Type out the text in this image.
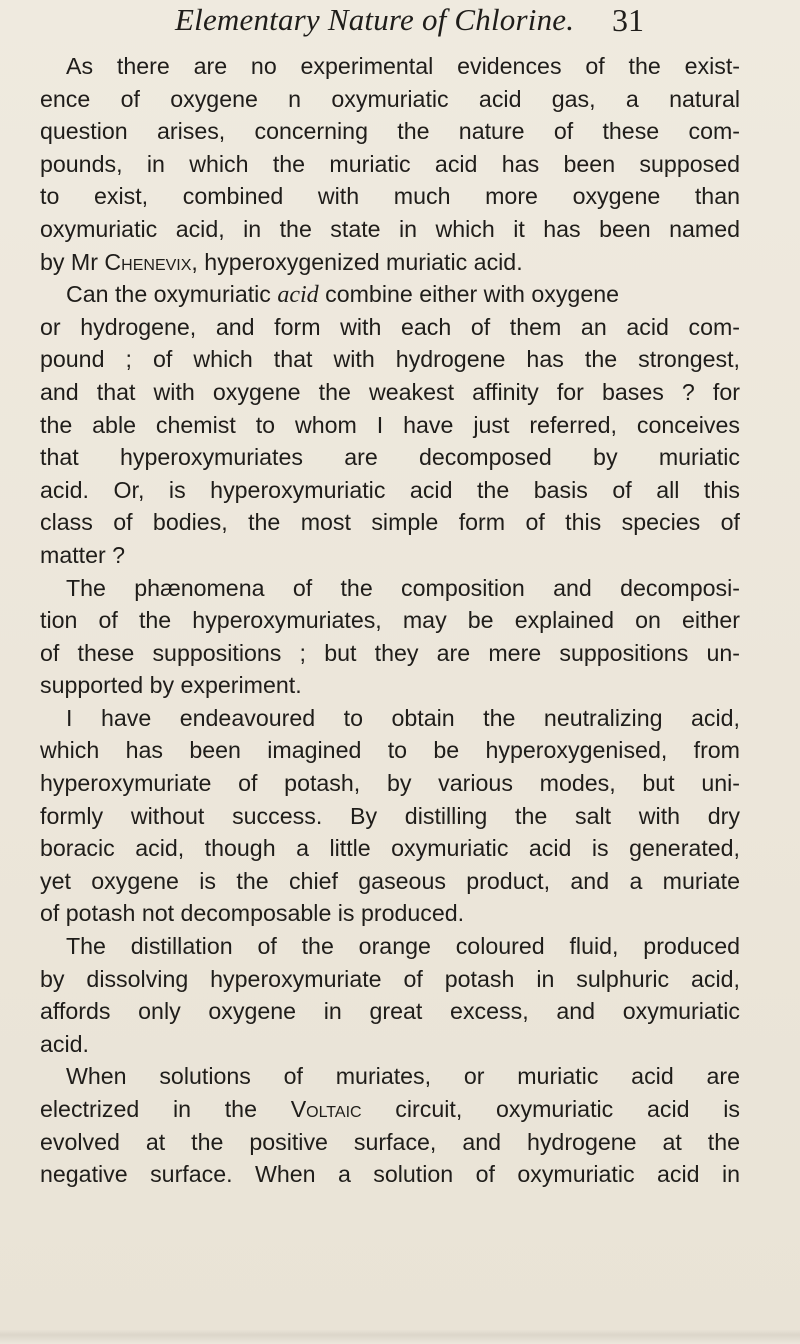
Elementary Nature of Chlorine. 31
As there are no experimental evidences of the exist-
ence of oxygene n oxymuriatic acid gas, a natural
question arises, concerning the nature of these com-
pounds, in which the muriatic acid has been supposed
to exist, combined with much more oxygene than
oxymuriatic acid, in the state in which it has been named
by Mr Chenevix, hyperoxygenized muriatic acid.
Can the oxymuriatic acid combine either with oxygene
or hydrogene, and form with each of them an acid com-
pound ; of which that with hydrogene has the strongest,
and that with oxygene the weakest affinity for bases ? for
the able chemist to whom I have just referred, conceives
that hyperoxymuriates are decomposed by muriatic
acid. Or, is hyperoxymuriatic acid the basis of all this
class of bodies, the most simple form of this species of
matter ?
The phænomena of the composition and decomposi-
tion of the hyperoxymuriates, may be explained on either
of these suppositions ; but they are mere suppositions un-
supported by experiment.
I have endeavoured to obtain the neutralizing acid,
which has been imagined to be hyperoxygenised, from
hyperoxymuriate of potash, by various modes, but uni-
formly without success. By distilling the salt with dry
boracic acid, though a little oxymuriatic acid is generated,
yet oxygene is the chief gaseous product, and a muriate
of potash not decomposable is produced.
The distillation of the orange coloured fluid, produced
by dissolving hyperoxymuriate of potash in sulphuric acid,
affords only oxygene in great excess, and oxymuriatic
acid.
When solutions of muriates, or muriatic acid are
electrized in the Voltaic circuit, oxymuriatic acid is
evolved at the positive surface, and hydrogene at the
negative surface. When a solution of oxymuriatic acid in
